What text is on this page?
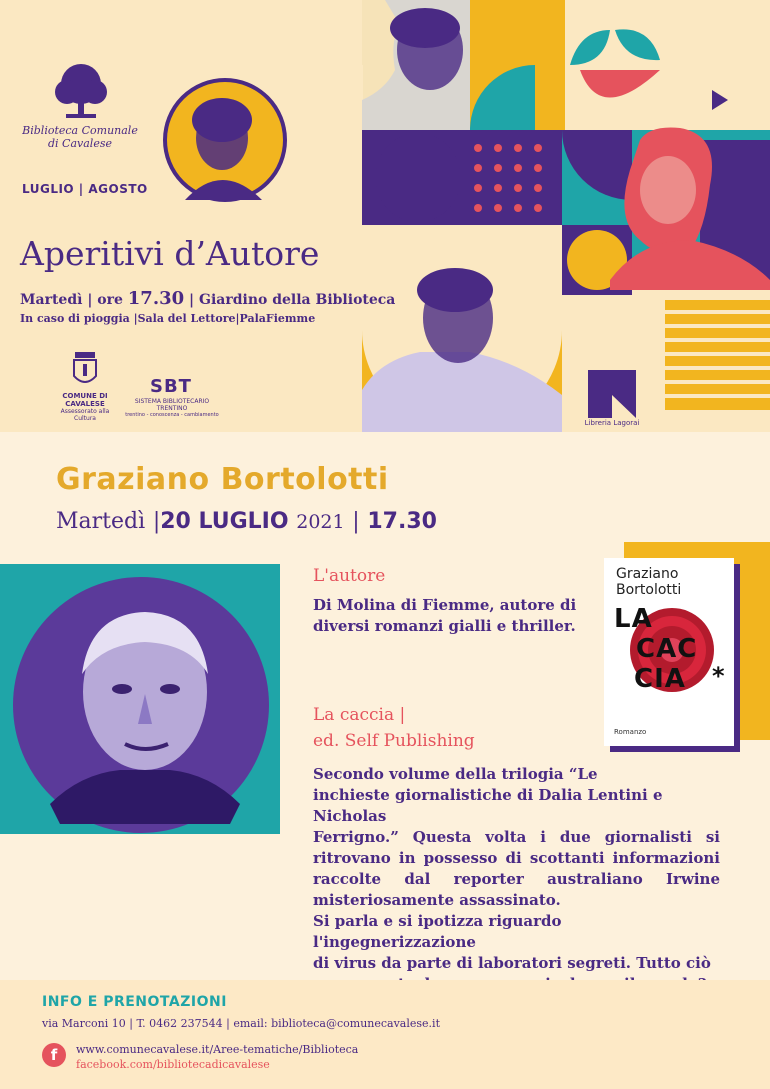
Biblioteca Comunale
di Cavalese
LUGLIO | AGOSTO
Aperitivi d’Autore
Martedì | ore 17.30 | Giardino della Biblioteca
In caso di pioggia |Sala del Lettore|PalaFiemme
COMUNE DI
CAVALESE
Assessorato alla Cultura
SBT
SISTEMA BIBLIOTECARIO TRENTINO
trentino - conoscenza - cambiamento
Libreria Lagorai
Graziano Bortolotti
Martedì |20 LUGLIO 2021 | 17.30
L'autore
Di Molina di Fiemme, autore di
diversi romanzi gialli e thriller.
La caccia |
ed. Self Publishing
Secondo volume della trilogia “Le
inchieste giornalistiche di Dalia Lentini e Nicholas
Ferrigno.” Questa volta i due giornalisti si
ritrovano in possesso di scottanti informazioni
raccolte dal reporter australiano Irwine
misteriosamente assassinato.
Si parla e si ipotizza riguardo l'ingegnerizzazione
di virus da parte di laboratori segreti. Tutto ciò
Graziano
Bortolotti
LA
CAC
CIA	*
Romanzo
INFO E PRENOTAZIONI
via Marconi 10 | T. 0462 237544 | email: biblioteca@comunecavalese.it
f	www.comunecavalese.it/Aree-tematiche/Biblioteca
facebook.com/bibliotecadicavalese
